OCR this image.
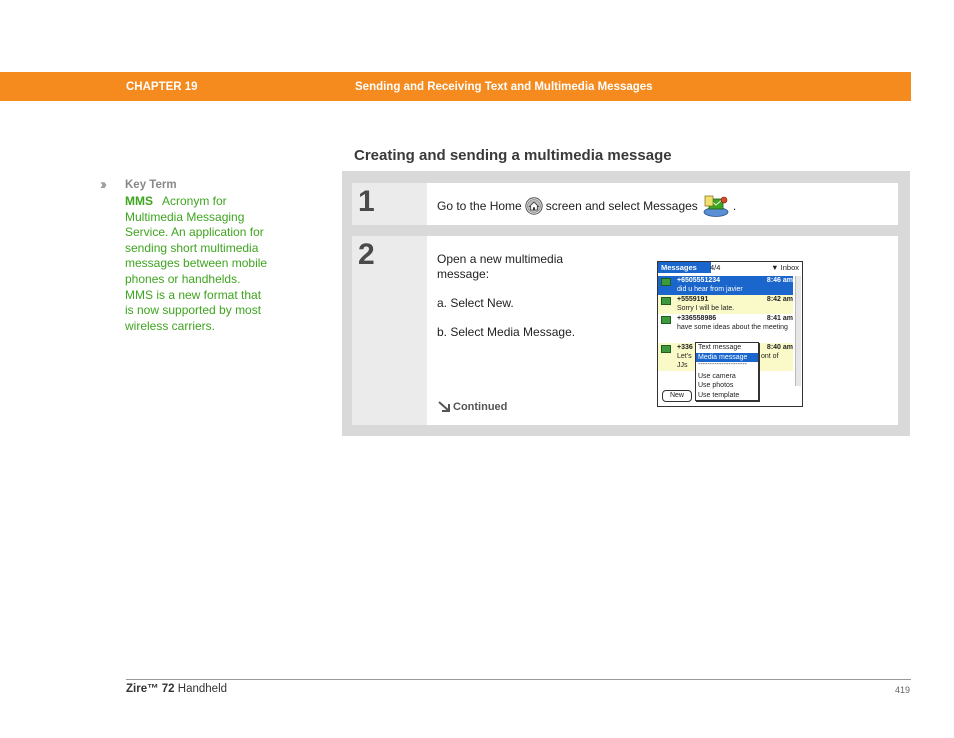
CHAPTER 19	Sending and Receiving Text and Multimedia Messages
››	Key Term
MMS Acronym for Multimedia Messaging Service. An application for sending short multimedia messages between mobile phones or handhelds. MMS is a new format that is now supported by most wireless carriers.
Creating and sending a multimedia message
1	Go to the Home screen and select Messages	.
2	Open a new multimedia message:
a. Select New.
b. Select Media Message.
Continued
Messages	4/4	▼ Inbox
+6505551234	8:46 am
did u hear from javier
+5559191	8:42 am
Sorry I will be late.
+336558986	8:41 am
have some ideas about the meeting
+336	8:40 am
Let's	ont of
JJs
New
Text message
Media message
---------------------
Use camera
Use photos
Use template
Zire™ 72 Handheld	419
